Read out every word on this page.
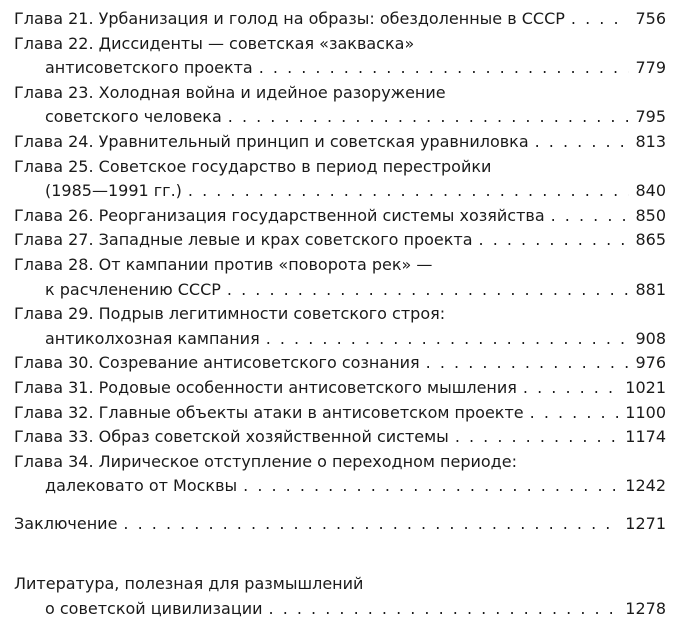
Глава 21. Урбанизация и голод на образы: обездоленные в СССР . . .	756
Глава 22. Диссиденты — советская «закваска»
антисоветского проекта . . .	779
Глава 23. Холодная война и идейное разоружение
советского человека . . .	795
Глава 24. Уравнительный принцип и советская уравниловка . . .	813
Глава 25. Советское государство в период перестройки
(1985—1991 гг.) . . .	840
Глава 26. Реорганизация государственной системы хозяйства . . .	850
Глава 27. Западные левые и крах советского проекта . . .	865
Глава 28. От кампании против «поворота рек» —
к расчленению СССР . . .	881
Глава 29. Подрыв легитимности советского строя:
антиколхозная кампания . . .	908
Глава 30. Созревание антисоветского сознания . . .	976
Глава 31. Родовые особенности антисоветского мышления . . .	1021
Глава 32. Главные объекты атаки в антисоветском проекте . . .	1100
Глава 33. Образ советской хозяйственной системы . . .	1174
Глава 34. Лирическое отступление о переходном периоде:
далековато от Москвы . . .	1242
Заключение . . .	1271
Литература, полезная для размышлений
о советской цивилизации . . .	1278
